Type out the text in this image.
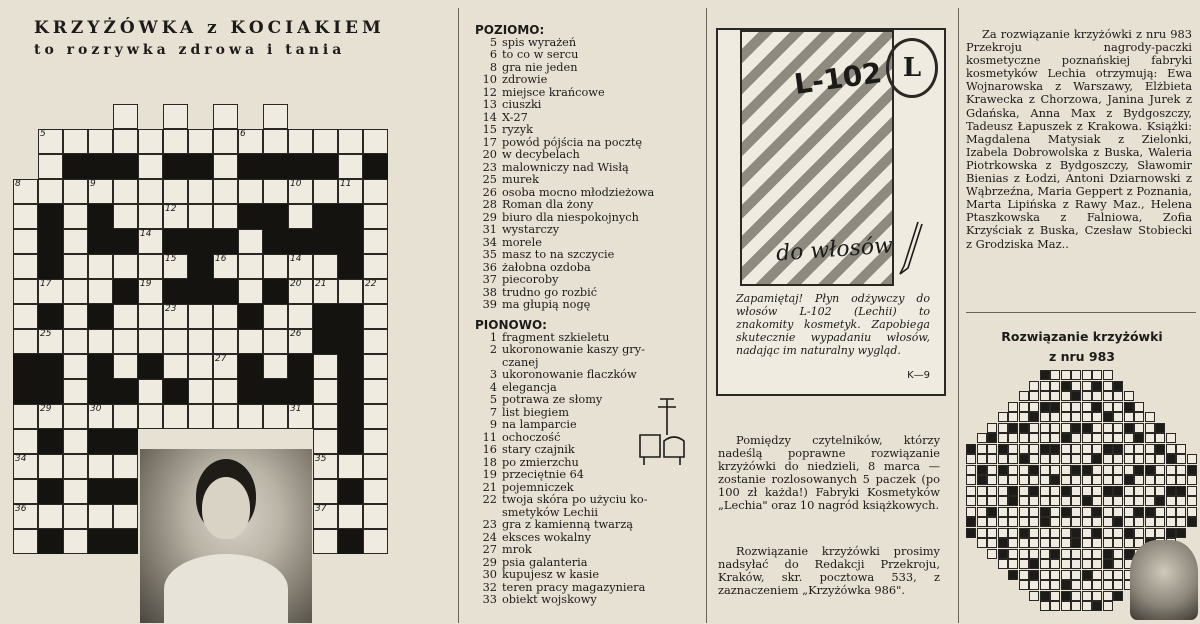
KRZYŻÓWKA z KOCIAKIEM
to rozrywka zdrowa i tania
5	6
8	9	10	11
12
14
15	16	14
17	19	20 21	22
23
25	26
27
29	30	31
34	35
36	37
POZIOMO:
5 spis wyrażeń
6 to co w sercu
8 gra nie jeden
10 zdrowie
12 miejsce krańcowe
13 ciuszki
14 X-27
15 ryzyk
17 powód pójścia na pocztę
20 w decybelach
23 malowniczy nad Wisłą
25 murek
26 osoba mocno młodzieżowa
28 Roman dla żony
29 biuro dla niespokojnych
31 wystarczy
34 morele
35 masz to na szczycie
36 żałobna ozdoba
37 piecoroby
38 trudno go rozbić
39 ma głupią nogę
PIONOWO:
1 fragment szkieletu
2 ukoronowanie kaszy gry-
czanej
3 ukoronowanie flaczków
4 elegancja
5 potrawa ze słomy
7 list biegiem
9 na lamparcie
11 ochoczość
16 stary czajnik
18 po zmierzchu
19 przeciętnie 64
21 pojemniczek
22 twoja skóra po użyciu ko-
smetyków Lechii
23 gra z kamienną twarzą
24 eksces wokalny
27 mrok
29 psia galanteria
30 kupujesz w kasie
32 teren pracy magazyniera
33 obiekt wojskowy
L-102
do włosów
L
Zapamiętaj! Płyn odżywczy do włosów L-102 (Lechii) to znakomity kosmetyk. Zapobiega skutecznie wypadaniu włosów, nadając im naturalny wygląd.
K—9
Pomiędzy czytelników, którzy nadeślą poprawne rozwiązanie krzyżówki do niedzieli, 8 marca — zostanie rozlosowanych 5 paczek (po 100 zł każda!) Fabryki Kosmetyków „Lechia" oraz 10 nagród książkowych.
Rozwiązanie krzyżówki prosimy nadsyłać do Redakcji Przekroju, Kraków, skr. pocztowa 533, z zaznaczeniem „Krzyżówka 986".
Za rozwiązanie krzyżówki z nru 983 Przekroju nagrody-paczki kosmetyczne poznańskiej fabryki kosmetyków Lechia otrzymują: Ewa Wojnarowska z Warszawy, Elżbieta Krawecka z Chorzowa, Janina Jurek z Gdańska, Anna Max z Bydgoszczy, Tadeusz Łapuszek z Krakowa. Książki: Magdalena Matysiak z Zielonki, Izabela Dobrowolska z Buska, Waleria Piotrkowska z Bydgoszczy, Sławomir Bienias z Łodzi, Antoni Dziarnowski z Wąbrzeźna, Maria Geppert z Poznania, Marta Lipińska z Rawy Maz., Helena Ptaszkowska z Falniowa, Zofia Krzyściak z Buska, Czesław Stobiecki z Grodziska Maz..
Rozwiązanie krzyżówki
z nru 983
